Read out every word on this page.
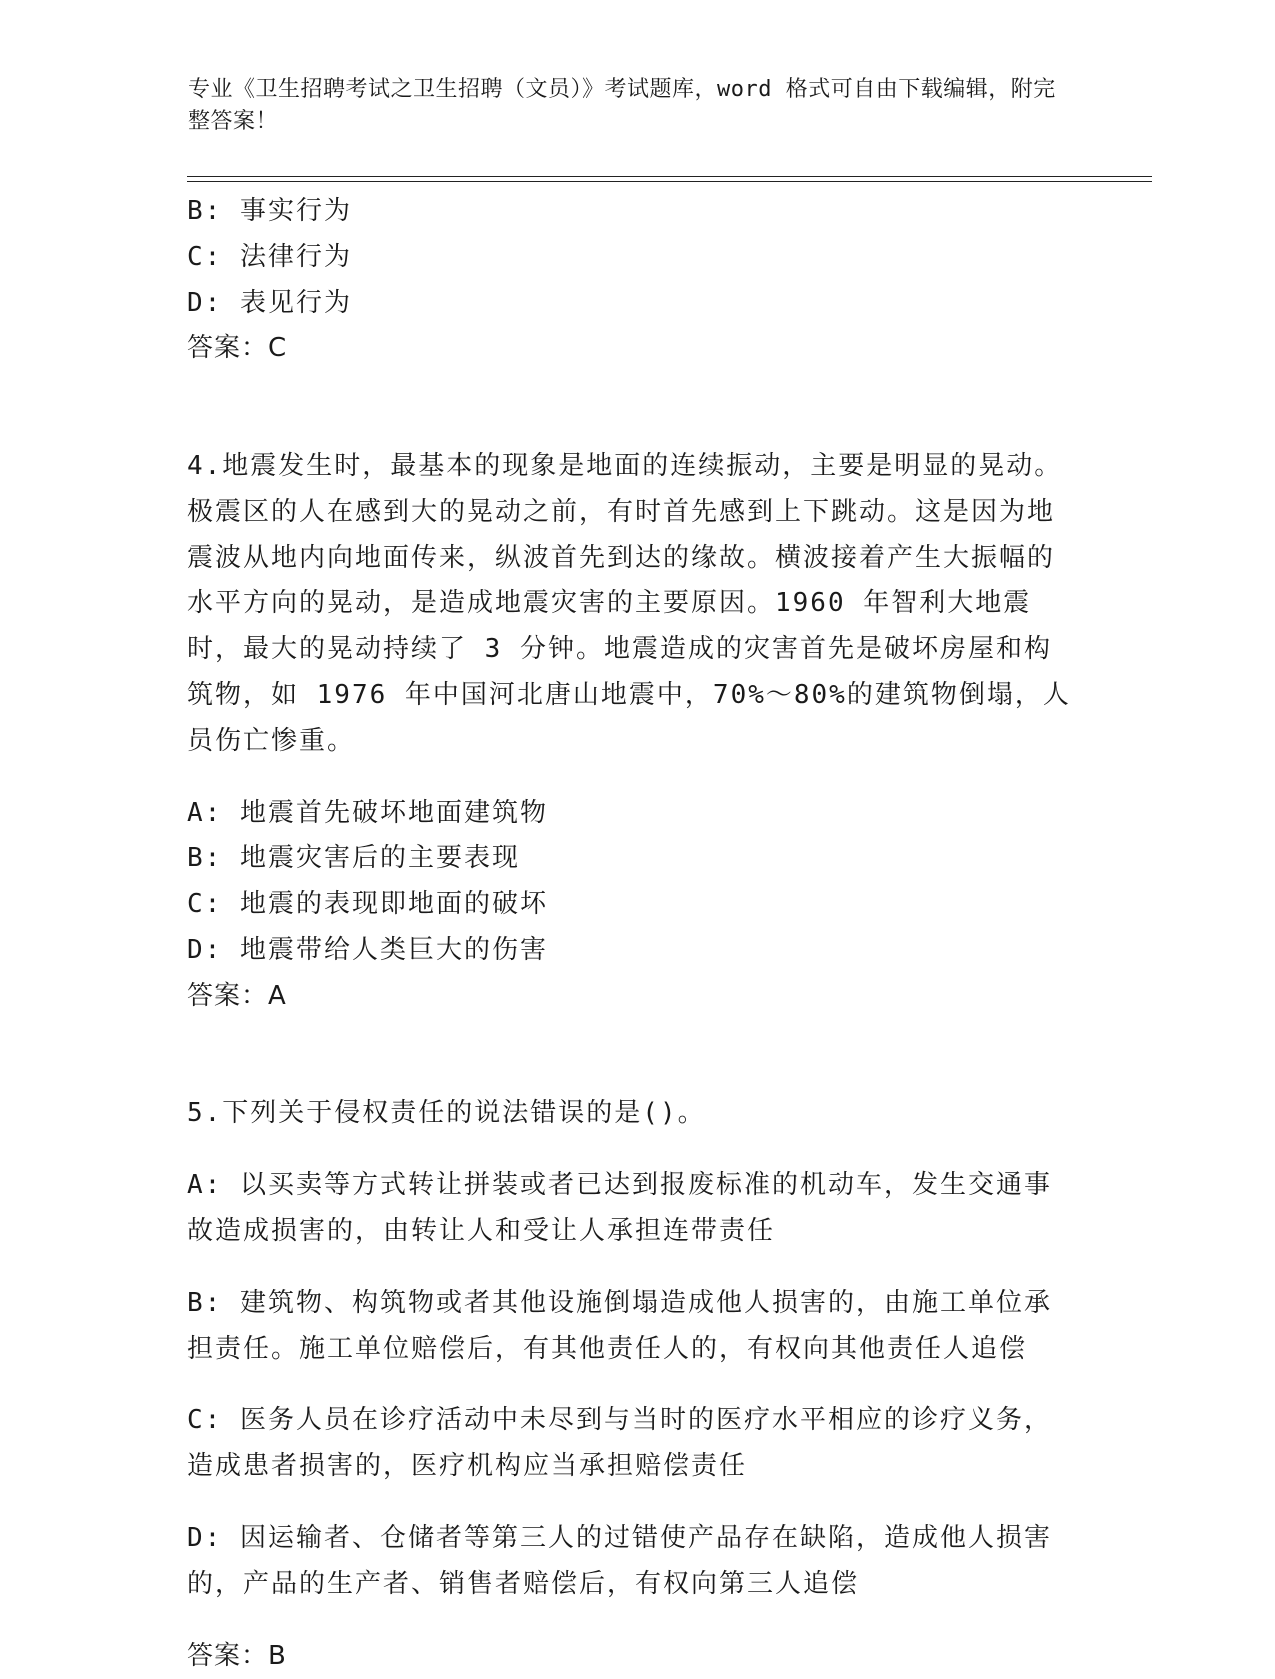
专业《卫生招聘考试之卫生招聘（文员）》考试题库，word 格式可自由下载编辑，附完整答案！

B: 事实行为

C: 法律行为

D: 表见行为

答案：C

4.地震发生时，最基本的现象是地面的连续振动，主要是明显的晃动。极震区的人在感到大的晃动之前，有时首先感到上下跳动。这是因为地震波从地内向地面传来，纵波首先到达的缘故。横波接着产生大振幅的水平方向的晃动，是造成地震灾害的主要原因。1960 年智利大地震时，最大的晃动持续了 3 分钟。地震造成的灾害首先是破坏房屋和构筑物，如 1976 年中国河北唐山地震中，70%～80%的建筑物倒塌，人员伤亡惨重。

A: 地震首先破坏地面建筑物

B: 地震灾害后的主要表现

C: 地震的表现即地面的破坏

D: 地震带给人类巨大的伤害

答案：A

5.下列关于侵权责任的说法错误的是()。

A: 以买卖等方式转让拼装或者已达到报废标准的机动车，发生交通事故造成损害的，由转让人和受让人承担连带责任

B: 建筑物、构筑物或者其他设施倒塌造成他人损害的，由施工单位承担责任。施工单位赔偿后，有其他责任人的，有权向其他责任人追偿

C: 医务人员在诊疗活动中未尽到与当时的医疗水平相应的诊疗义务，造成患者损害的，医疗机构应当承担赔偿责任

D: 因运输者、仓储者等第三人的过错使产品存在缺陷，造成他人损害的，产品的生产者、销售者赔偿后，有权向第三人追偿

答案：B
